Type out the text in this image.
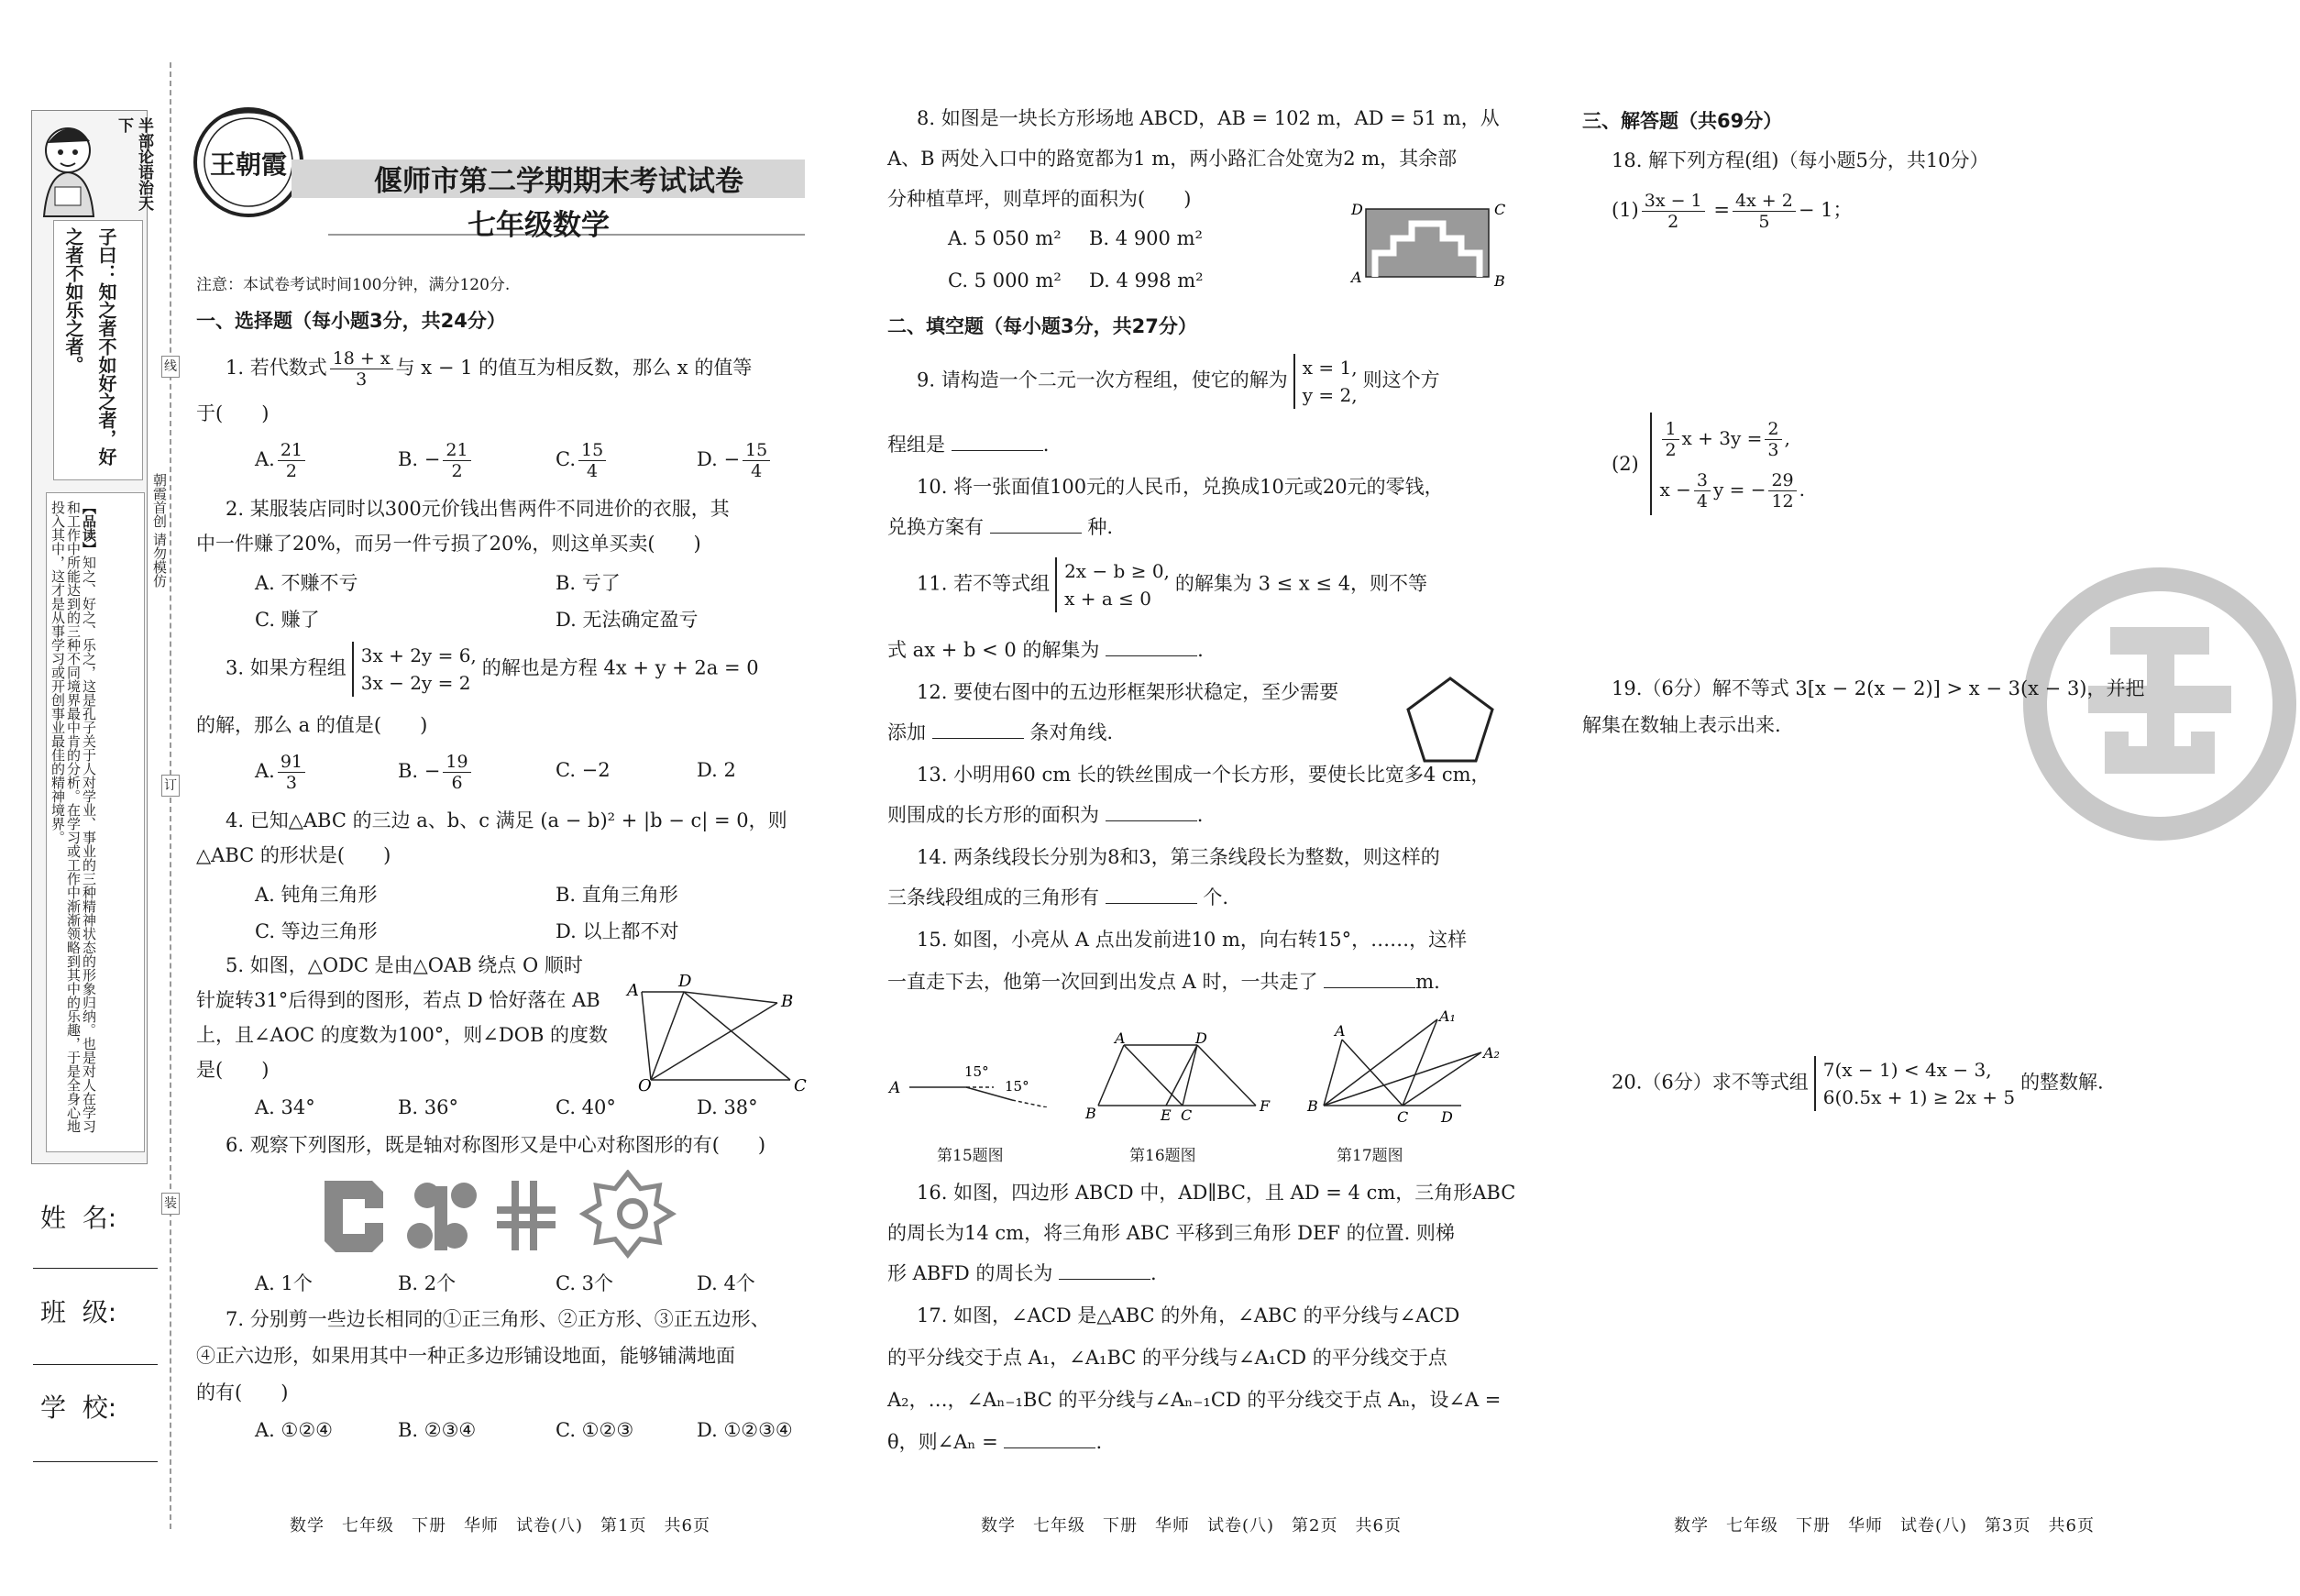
半部论语治天下
子曰：知之者不如好之者，好之者不如乐之者。
【品读】知之、好之、乐之，这是孔子关于人对学业、事业的三种精神状态的形象归纳。也是对人在学习和工作中所能达到的三种不同境界最中肯的分析。在学习或工作中渐渐领略到其中的乐趣，于是全身心地投入其中，这才是从事学习或开创事业最佳的精神境界。	朝霞首创 请勿模仿
线
订
装
姓  名:
班  级:
学  校:
王朝霞
偃师市第二学期期末考试试卷
七年级数学
注意：本试卷考试时间100分钟，满分120分.
一、选择题（每小题3分，共24分）
1. 若代数式 $\frac{18 + x}{3}$ 与 x − 1 的值互为相反数，那么 x 的值等
于(　　)
A. $\frac{21}{2}$	B. − $\frac{21}{2}$	C. $\frac{15}{4}$	D. − $\frac{15}{4}$
2. 某服装店同时以300元价钱出售两件不同进价的衣服，其
中一件赚了20%，而另一件亏损了20%，则这单买卖(　　)
A. 不赚不亏	B. 亏了
C. 赚了	D. 无法确定盈亏
3. 如果方程组3x + 2y = 6,
3x − 2y = 2的解也是方程 4x + y + 2a = 0
的解，那么 a 的值是(　　)
A. $\frac{91}{3}$	B. − $\frac{19}{6}$	C. −2	D. 2
4. 已知△ABC 的三边 a、b、c 满足 (a − b)² + |b − c| = 0，则
△ABC 的形状是(　　)
A. 钝角三角形	B. 直角三角形
C. 等边三角形	D. 以上都不对
5. 如图，△ODC 是由△OAB 绕点 O 顺时
针旋转31°后得到的图形，若点 D 恰好落在 AB
上，且∠AOC 的度数为100°，则∠DOB 的度数
是(　　)
A D
B
O	C
A. 34°	B. 36°	C. 40°	D. 38°
6. 观察下列图形，既是轴对称图形又是中心对称图形的有(　　)
A. 1个	B. 2个	C. 3个	D. 4个
7. 分别剪一些边长相同的①正三角形、②正方形、③正五边形、
④正六边形，如果用其中一种正多边形铺设地面，能够铺满地面
的有(　　)
A. ①②④	B. ②③④	C. ①②③	D. ①②③④
数学　七年级　下册　华师　试卷(八)　第1页　共6页
8. 如图是一块长方形场地 ABCD，AB = 102 m，AD = 51 m，从
A、B 两处入口中的路宽都为1 m，两小路汇合处宽为2 m，其余部
分种植草坪，则草坪的面积为(　　)
A. 5 050 m² B. 4 900 m²
C. 5 000 m² D. 4 998 m²
D	C
A	B
二、填空题（每小题3分，共27分）
9. 请构造一个二元一次方程组，使它的解为x = 1,
y = 2,则这个方
程组是	.
10. 将一张面值100元的人民币，兑换成10元或20元的零钱，
兑换方案有	种.
11. 若不等式组2x − b ≥ 0,
x + a ≤ 0的解集为 3 ≤ x ≤ 4，则不等
式 ax + b < 0 的解集为	.
12. 要使右图中的五边形框架形状稳定，至少需要
添加	条对角线.
13. 小明用60 cm 长的铁丝围成一个长方形，要使长比宽多4 cm，
则围成的长方形的面积为	.
14. 两条线段长分别为8和3，第三条线段长为整数，则这样的
三条线段组成的三角形有	个.
15. 如图，小亮从 A 点出发前进10 m，向右转15°，……，这样
一直走下去，他第一次回到出发点 A 时，一共走了	m.
A
15°
15°
A	D
B	E C
F
A
A₁
A₂
B
C D
第15题图	第16题图	第17题图
16. 如图，四边形 ABCD 中，AD∥BC，且 AD = 4 cm，三角形ABC
的周长为14 cm，将三角形 ABC 平移到三角形 DEF 的位置. 则梯
形 ABFD 的周长为	.
17. 如图，∠ACD 是△ABC 的外角，∠ABC 的平分线与∠ACD
的平分线交于点 A₁，∠A₁BC 的平分线与∠A₁CD 的平分线交于点
A₂，…，∠Aₙ₋₁BC 的平分线与∠Aₙ₋₁CD 的平分线交于点 Aₙ，设∠A =
θ，则∠Aₙ =	.
数学　七年级　下册　华师　试卷(八)　第2页　共6页
三、解答题（共69分）
18. 解下列方程(组)（每小题5分，共10分）
$(1) \frac{3x - 1}{2} = \frac{4x + 2}{5} - 1$；
(2)
$\frac{1}{2}$ $x + 3y = \frac{2}{3}$ ,
$x - \frac{3}{4}$ y = − $\frac{29}{12}$ .
19.（6分）解不等式 3[x − 2(x − 2)] > x − 3(x − 3)，并把
解集在数轴上表示出来.
20.（6分）求不等式组7(x − 1) < 4x − 3,
6(0.5x + 1) ≥ 2x + 5的整数解.
数学　七年级　下册　华师　试卷(八)　第3页　共6页
